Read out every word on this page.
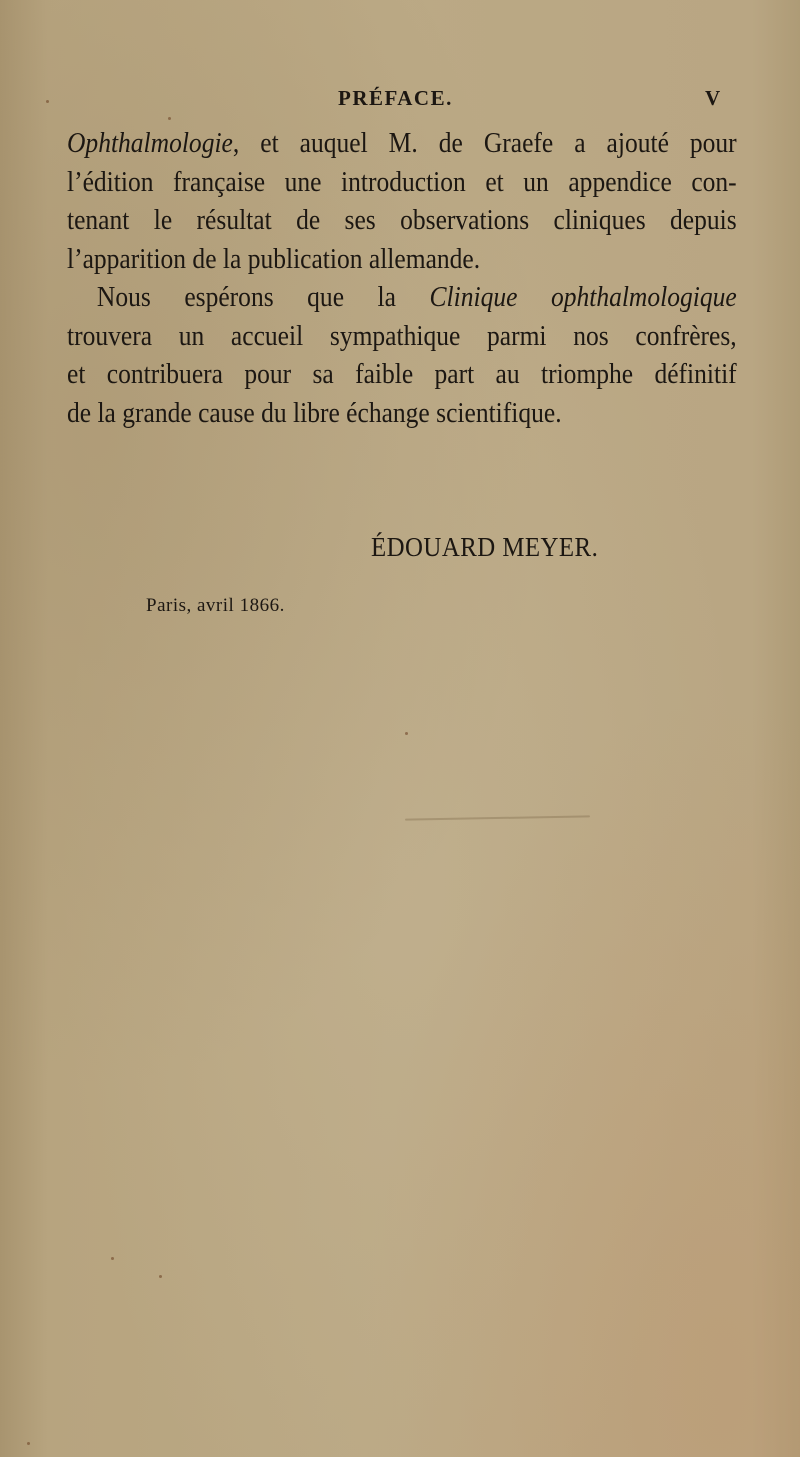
PRÉFACE.	V
Ophthalmologie, et auquel M. de Graefe a ajouté pour
l’édition française une introduction et un appendice con-
tenant le résultat de ses observations cliniques depuis
l’apparition de la publication allemande.
Nous espérons que la Clinique ophthalmologique
trouvera un accueil sympathique parmi nos confrères,
et contribuera pour sa faible part au triomphe définitif
de la grande cause du libre échange scientifique.
ÉDOUARD MEYER.
Paris, avril 1866.
